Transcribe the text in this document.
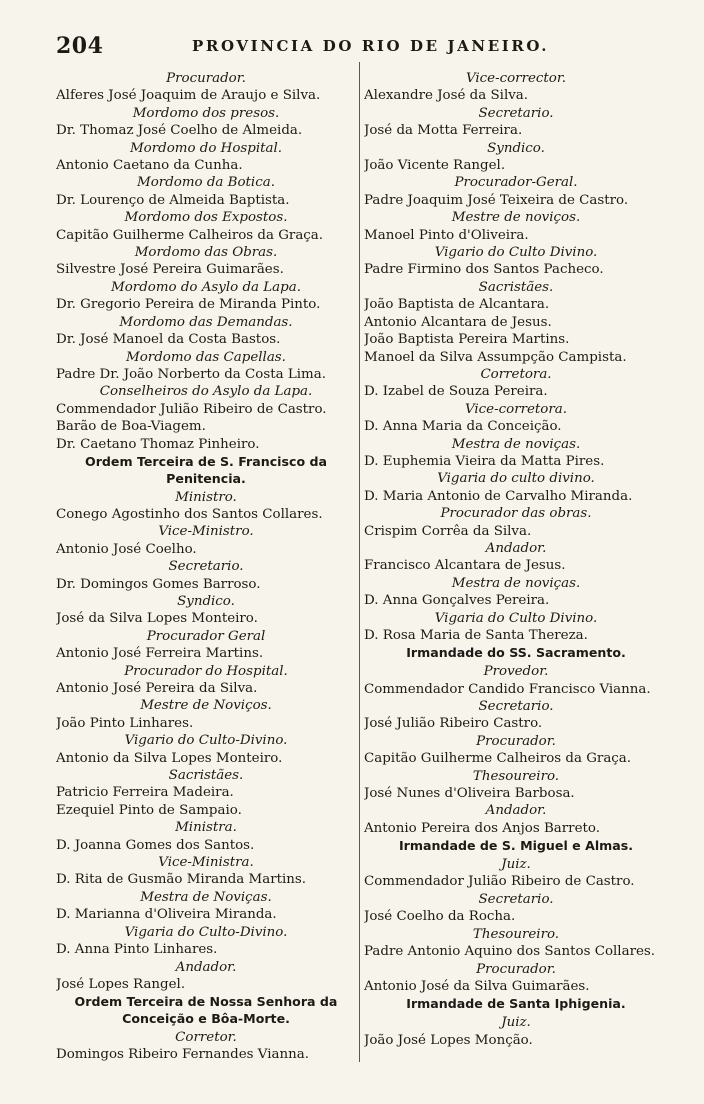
204	PROVINCIA DO RIO DE JANEIRO.
Procurador.
Alferes José Joaquim de Araujo e Silva.
Mordomo dos presos.
Dr. Thomaz José Coelho de Almeida.
Mordomo do Hospital.
Antonio Caetano da Cunha.
Mordomo da Botica.
Dr. Lourenço de Almeida Baptista.
Mordomo dos Expostos.
Capitão Guilherme Calheiros da Graça.
Mordomo das Obras.
Silvestre José Pereira Guimarães.
Mordomo do Asylo da Lapa.
Dr. Gregorio Pereira de Miranda Pinto.
Mordomo das Demandas.
Dr. José Manoel da Costa Bastos.
Mordomo das Capellas.
Padre Dr. João Norberto da Costa Lima.
Conselheiros do Asylo da Lapa.
Commendador Julião Ribeiro de Castro.
Barão de Boa-Viagem.
Dr. Caetano Thomaz Pinheiro.
Ordem Terceira de S. Francisco da Penitencia.
Ministro.
Conego Agostinho dos Santos Collares.
Vice-Ministro.
Antonio José Coelho.
Secretario.
Dr. Domingos Gomes Barroso.
Syndico.
José da Silva Lopes Monteiro.
Procurador Geral
Antonio José Ferreira Martins.
Procurador do Hospital.
Antonio José Pereira da Silva.
Mestre de Noviços.
João Pinto Linhares.
Vigario do Culto-Divino.
Antonio da Silva Lopes Monteiro.
Sacristães.
Patricio Ferreira Madeira.
Ezequiel Pinto de Sampaio.
Ministra.
D. Joanna Gomes dos Santos.
Vice-Ministra.
D. Rita de Gusmão Miranda Martins.
Mestra de Noviças.
D. Marianna d'Oliveira Miranda.
Vigaria do Culto-Divino.
D. Anna Pinto Linhares.
Andador.
José Lopes Rangel.
Ordem Terceira de Nossa Senhora da Conceição e Bôa-Morte.
Corretor.
Domingos Ribeiro Fernandes Vianna.
Vice-corrector.
Alexandre José da Silva.
Secretario.
José da Motta Ferreira.
Syndico.
João Vicente Rangel.
Procurador-Geral.
Padre Joaquim José Teixeira de Castro.
Mestre de noviços.
Manoel Pinto d'Oliveira.
Vigario do Culto Divino.
Padre Firmino dos Santos Pacheco.
Sacristães.
João Baptista de Alcantara.
Antonio Alcantara de Jesus.
João Baptista Pereira Martins.
Manoel da Silva Assumpção Campista.
Corretora.
D. Izabel de Souza Pereira.
Vice-corretora.
D. Anna Maria da Conceição.
Mestra de noviças.
D. Euphemia Vieira da Matta Pires.
Vigaria do culto divino.
D. Maria Antonio de Carvalho Miranda.
Procurador das obras.
Crispim Corrêa da Silva.
Andador.
Francisco Alcantara de Jesus.
Mestra de noviças.
D. Anna Gonçalves Pereira.
Vigaria do Culto Divino.
D. Rosa Maria de Santa Thereza.
Irmandade do SS. Sacramento.
Provedor.
Commendador Candido Francisco Vianna.
Secretario.
José Julião Ribeiro Castro.
Procurador.
Capitão Guilherme Calheiros da Graça.
Thesoureiro.
José Nunes d'Oliveira Barbosa.
Andador.
Antonio Pereira dos Anjos Barreto.
Irmandade de S. Miguel e Almas.
Juiz.
Commendador Julião Ribeiro de Castro.
Secretario.
José Coelho da Rocha.
Thesoureiro.
Padre Antonio Aquino dos Santos Collares.
Procurador.
Antonio José da Silva Guimarães.
Irmandade de Santa Iphigenia.
Juiz.
João José Lopes Monção.
